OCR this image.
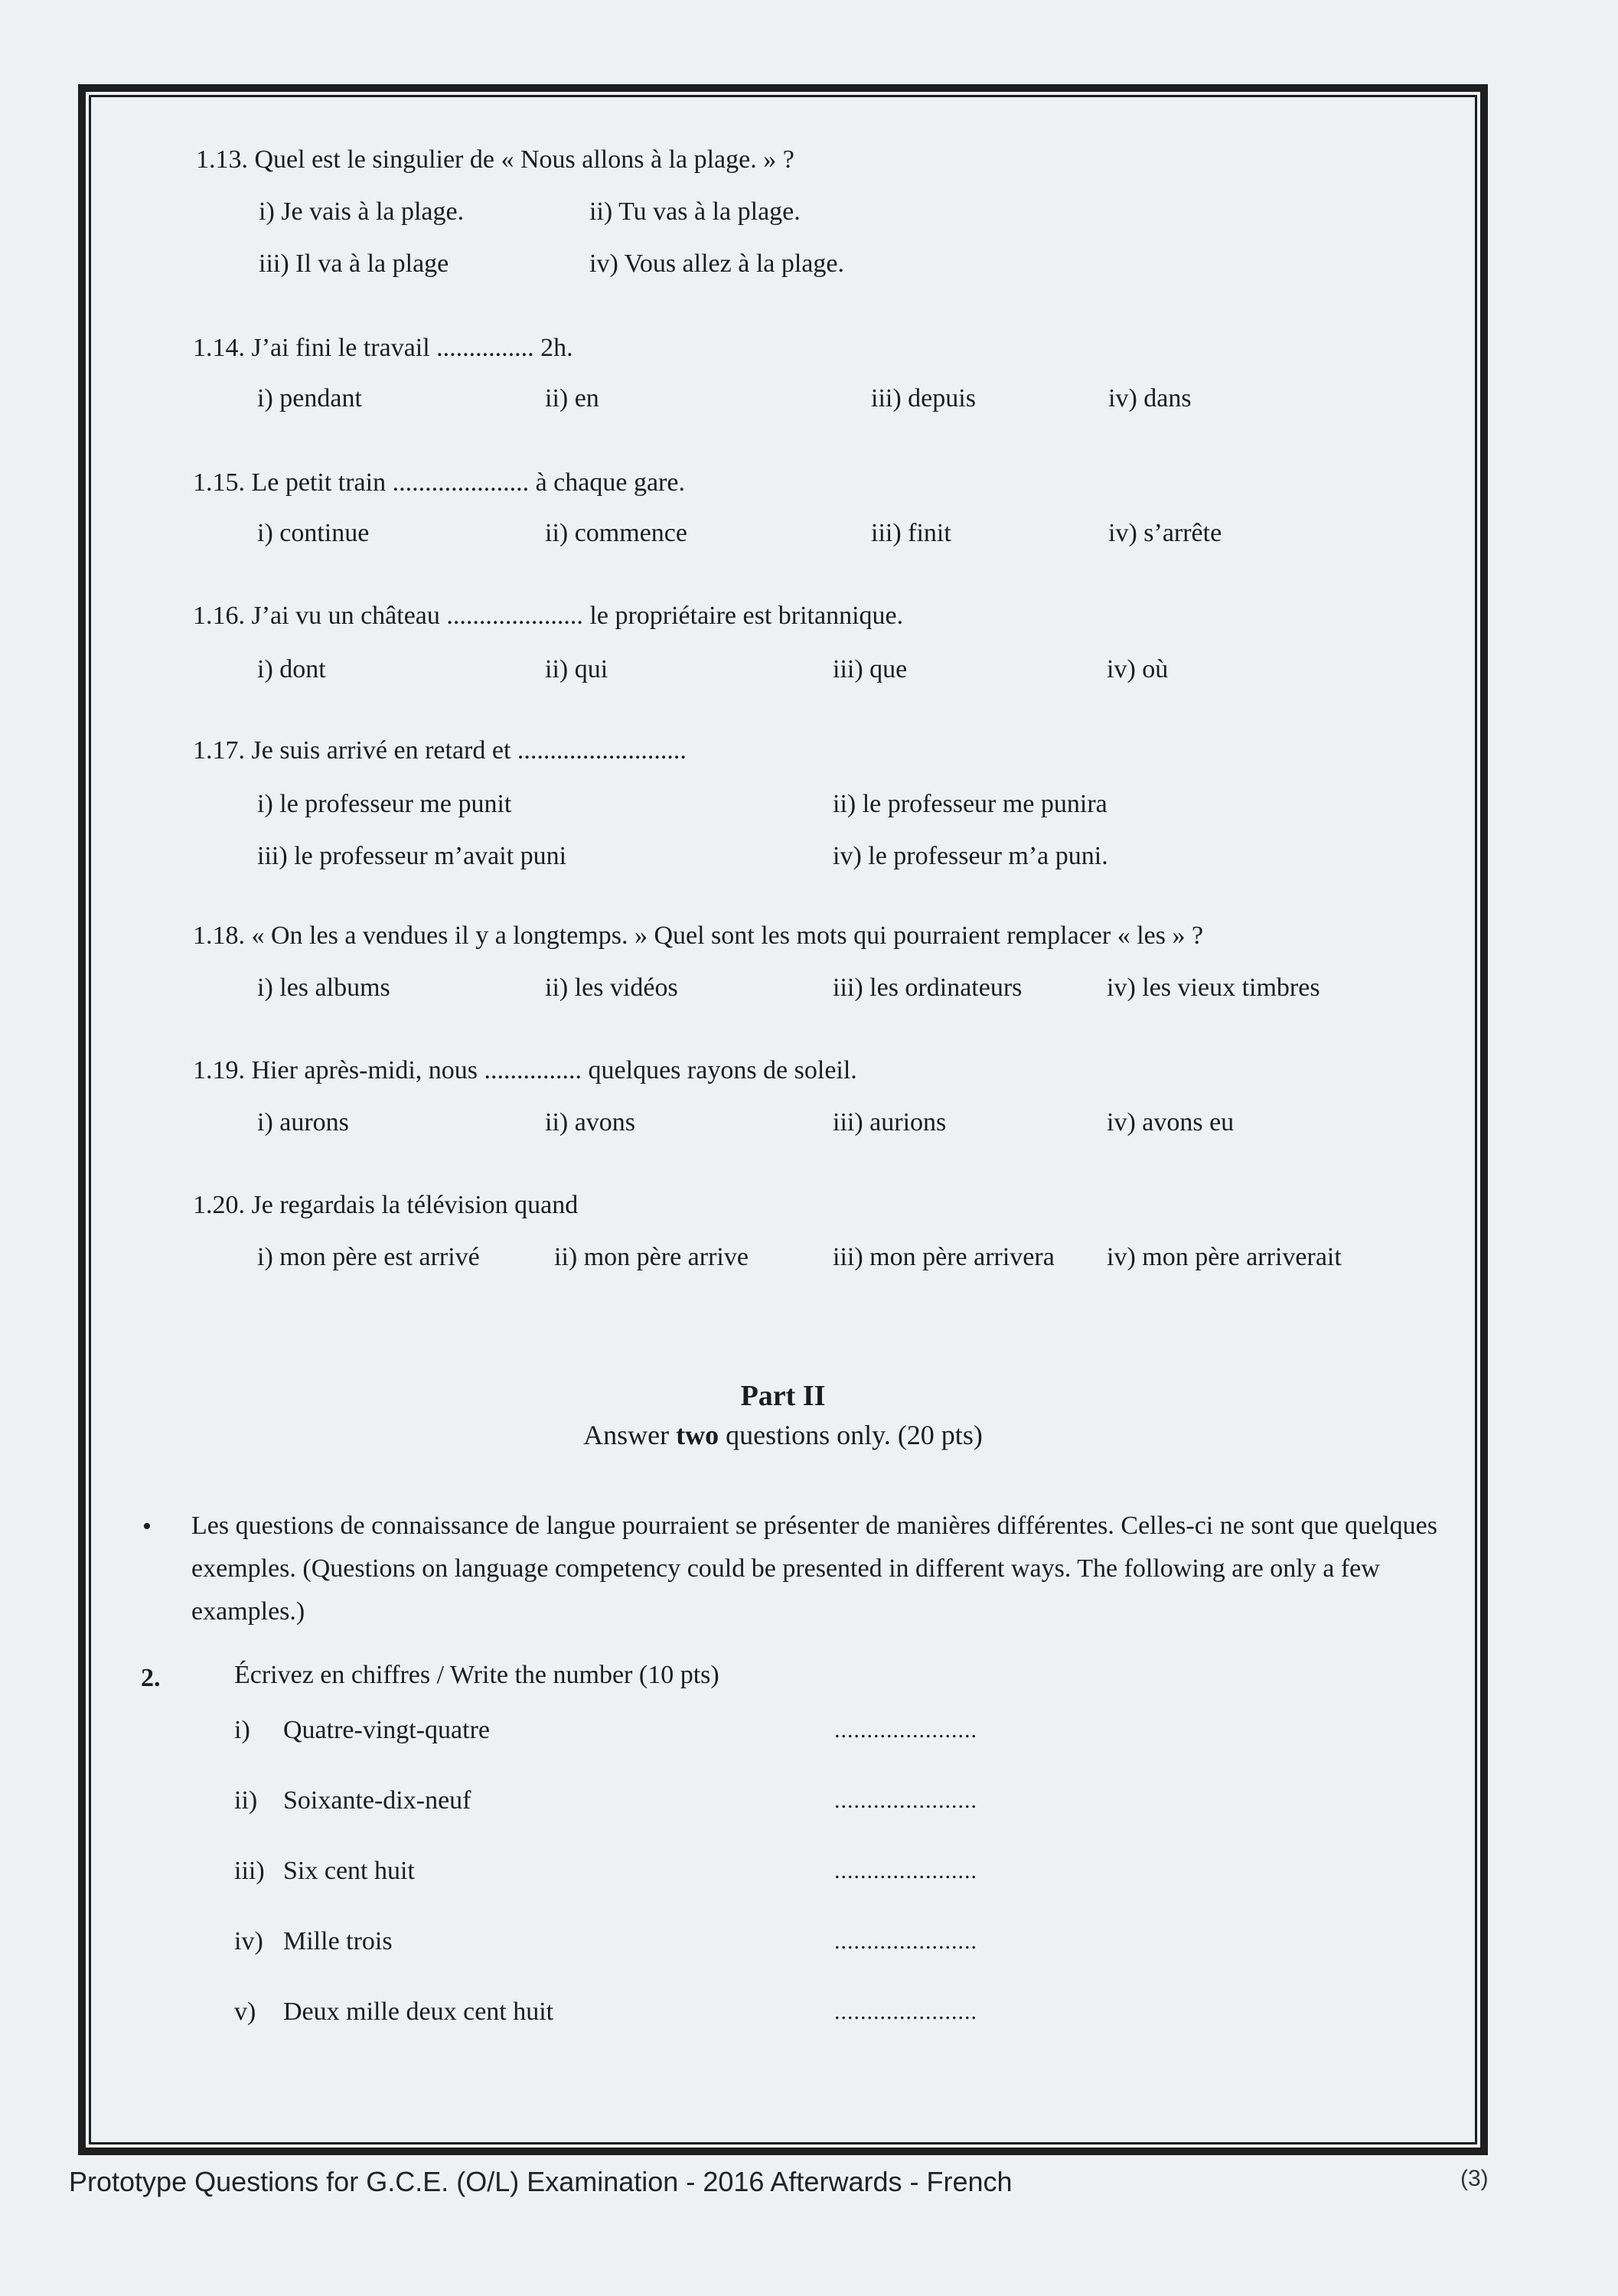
1.13. Quel est le singulier de « Nous allons à la plage. » ?
i) Je vais à la plage.	ii) Tu vas à la plage.
iii) Il va à la plage	iv) Vous allez à la plage.
1.14. J’ai fini le travail ............... 2h.
i) pendant	ii) en	iii) depuis	iv) dans
1.15. Le petit train ..................... à chaque gare.
i) continue	ii) commence	iii) finit	iv) s’arrête
1.16. J’ai vu un château ..................... le propriétaire est britannique.
i) dont	ii) qui	iii) que	iv) où
1.17. Je suis arrivé en retard et ..........................
i) le professeur me punit	ii) le professeur me punira
iii) le professeur m’avait puni	iv) le professeur m’a puni.
1.18. « On les a vendues il y a longtemps. » Quel sont les mots qui pourraient remplacer « les » ?
i) les albums	ii) les vidéos	iii) les ordinateurs	iv) les vieux timbres
1.19. Hier après-midi, nous ............... quelques rayons de soleil.
i) aurons	ii) avons	iii) aurions	iv) avons eu
1.20. Je regardais la télévision quand
i) mon père est arrivé	ii) mon père arrive	iii) mon père arrivera iv) mon père arriverait
Part II
Answer two questions only. (20 pts)
• Les questions de connaissance de langue pourraient se présenter de manières différentes. Celles-ci ne sont que quelques exemples. (Questions on language competency could be presented in different ways. The following are only a few examples.)
2.	Écrivez en chiffres / Write the number (10 pts)
i) Quatre-vingt-quatre	......................
ii) Soixante-dix-neuf	......................
iii) Six cent huit	......................
iv) Mille trois	......................
v) Deux mille deux cent huit	......................
Prototype Questions for G.C.E. (O/L) Examination - 2016 Afterwards - French	(3)
